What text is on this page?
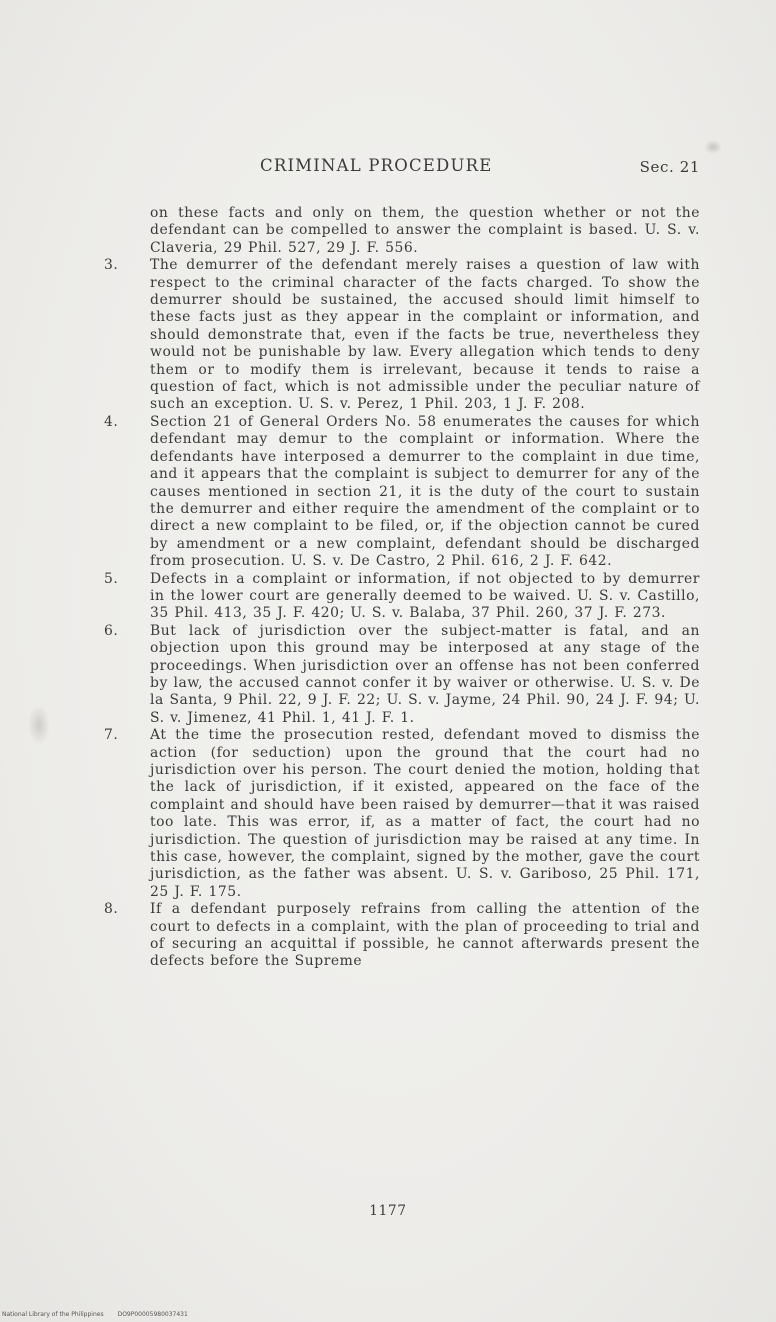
CRIMINAL PROCEDURE	Sec. 21

on these facts and only on them, the question whether or not the defendant can be compelled to answer the complaint is based. U. S. v. Claveria, 29 Phil. 527, 29 J. F. 556.

3. The demurrer of the defendant merely raises a question of law with respect to the criminal character of the facts charged. To show the demurrer should be sustained, the accused should limit himself to these facts just as they appear in the complaint or information, and should demonstrate that, even if the facts be true, nevertheless they would not be punishable by law. Every allegation which tends to deny them or to modify them is irrelevant, because it tends to raise a question of fact, which is not admissible under the peculiar nature of such an exception. U. S. v. Perez, 1 Phil. 203, 1 J. F. 208.

4. Section 21 of General Orders No. 58 enumerates the causes for which defendant may demur to the complaint or information. Where the defendants have interposed a demurrer to the complaint in due time, and it appears that the complaint is subject to demurrer for any of the causes mentioned in section 21, it is the duty of the court to sustain the demurrer and either require the amendment of the complaint or to direct a new complaint to be filed, or, if the objection cannot be cured by amendment or a new complaint, defendant should be discharged from prosecution. U. S. v. De Castro, 2 Phil. 616, 2 J. F. 642.

5. Defects in a complaint or information, if not objected to by demurrer in the lower court are generally deemed to be waived. U. S. v. Castillo, 35 Phil. 413, 35 J. F. 420; U. S. v. Balaba, 37 Phil. 260, 37 J. F. 273.

6. But lack of jurisdiction over the subject-matter is fatal, and an objection upon this ground may be interposed at any stage of the proceedings. When jurisdiction over an offense has not been conferred by law, the accused cannot confer it by waiver or otherwise. U. S. v. De la Santa, 9 Phil. 22, 9 J. F. 22; U. S. v. Jayme, 24 Phil. 90, 24 J. F. 94; U. S. v. Jimenez, 41 Phil. 1, 41 J. F. 1.

7. At the time the prosecution rested, defendant moved to dismiss the action (for seduction) upon the ground that the court had no jurisdiction over his person. The court denied the motion, holding that the lack of jurisdiction, if it existed, appeared on the face of the complaint and should have been raised by demurrer—that it was raised too late. This was error, if, as a matter of fact, the court had no jurisdiction. The question of jurisdiction may be raised at any time. In this case, however, the complaint, signed by the mother, gave the court jurisdiction, as the father was absent. U. S. v. Gariboso, 25 Phil. 171, 25 J. F. 175.

8. If a defendant purposely refrains from calling the attention of the court to defects in a complaint, with the plan of proceeding to trial and of securing an acquittal if possible, he cannot afterwards present the defects before the Supreme

1177
National Library of the Philippines DO9P00005980037431
